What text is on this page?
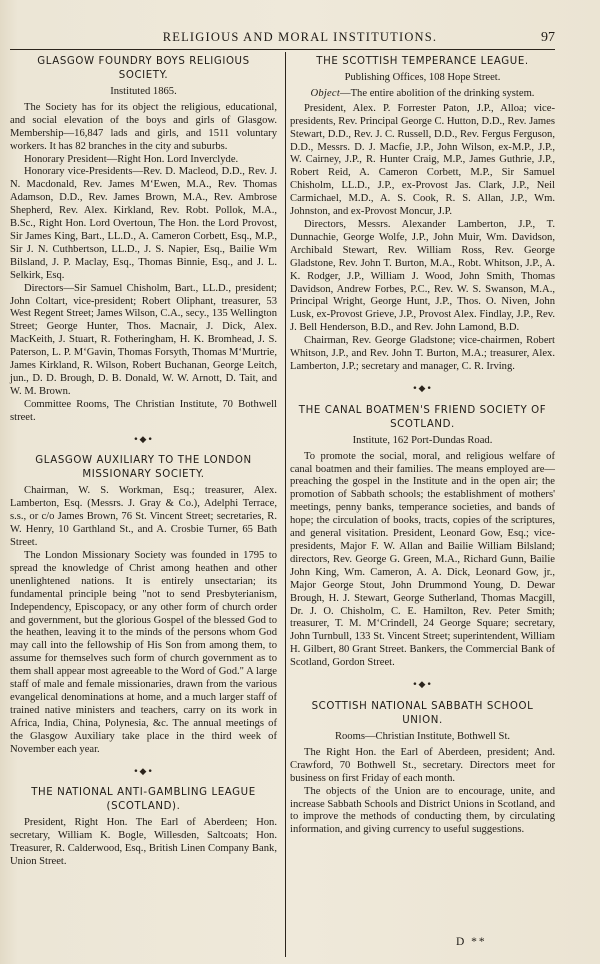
RELIGIOUS AND MORAL INSTITUTIONS.	97
GLASGOW FOUNDRY BOYS RELIGIOUS SOCIETY.
Instituted 1865.

The Society has for its object the religious, educational, and social elevation of the boys and girls of Glasgow. Membership—16,847 lads and girls, and 1511 voluntary workers. It has 82 branches in the city and suburbs.

Honorary President—Right Hon. Lord Inverclyde.

Honorary vice-Presidents—Rev. D. Macleod, D.D., Rev. J. N. Macdonald, Rev. James M‘Ewen, M.A., Rev. Thomas Adamson, D.D., Rev. James Brown, M.A., Rev. Ambrose Shepherd, Rev. Alex. Kirkland, Rev. Robt. Pollok, M.A., B.Sc., Right Hon. Lord Overtoun, The Hon. the Lord Provost, Sir James King, Bart., LL.D., A. Cameron Corbett, Esq., M.P., Sir J. N. Cuthbertson, LL.D., J. S. Napier, Esq., Bailie Wm Bilsland, J. P. Maclay, Esq., Thomas Binnie, Esq., and J. L. Selkirk, Esq.

Directors—Sir Samuel Chisholm, Bart., LL.D., president; John Coltart, vice-president; Robert Oliphant, treasurer, 53 West Regent Street; James Wilson, C.A., secy., 135 Wellington Street; George Hunter, Thos. Macnair, J. Dick, Alex. MacKeith, J. Stuart, R. Fotheringham, H. K. Bromhead, J. S. Paterson, L. P. M‘Gavin, Thomas Forsyth, Thomas M‘Murtrie, James Kirkland, R. Wilson, Robert Buchanan, George Leitch, jun., D. D. Brough, D. B. Donald, W. W. Arnott, D. Tait, and W. M. Brown.

Committee Rooms, The Christian Institute, 70 Bothwell street.

•◆•
GLASGOW AUXILIARY TO THE LONDON MISSIONARY SOCIETY.

Chairman, W. S. Workman, Esq.; treasurer, Alex. Lamberton, Esq. (Messrs. J. Gray & Co.), Adelphi Terrace, s.s., or c/o James Brown, 76 St. Vincent Street; secretaries, R. W. Henry, 10 Garthland St., and A. Crosbie Turner, 65 Bath Street.

The London Missionary Society was founded in 1795 to spread the knowledge of Christ among heathen and other unenlightened nations. It is entirely unsectarian; its fundamental principle being "not to send Presbyterianism, Independency, Episcopacy, or any other form of church order and government, but the glorious Gospel of the blessed God to the heathen, leaving it to the minds of the persons whom God may call into the fellowship of His Son from among them, to assume for themselves such form of church government as to them shall appear most agreeable to the Word of God." A large staff of male and female missionaries, drawn from the various evangelical denominations at home, and a much larger staff of trained native ministers and teachers, carry on its work in Africa, India, China, Polynesia, &c. The annual meetings of the Glasgow Auxiliary take place in the third week of November each year.

•◆•
THE NATIONAL ANTI-GAMBLING LEAGUE (SCOTLAND).

President, Right Hon. The Earl of Aberdeen; Hon. secretary, William K. Bogle, Willesden, Saltcoats; Hon. Treasurer, R. Calderwood, Esq., British Linen Company Bank, Union Street.

THE SCOTTISH TEMPERANCE LEAGUE.
Publishing Offices, 108 Hope Street.
Object—The entire abolition of the drinking system.

President, Alex. P. Forrester Paton, J.P., Alloa; vice-presidents, Rev. Principal George C. Hutton, D.D., Rev. James Stewart, D.D., Rev. J. C. Russell, D.D., Rev. Fergus Ferguson, D.D., Messrs. D. J. Macfie, J.P., John Wilson, ex-M.P., J.P., W. Cairney, J.P., R. Hunter Craig, M.P., James Guthrie, J.P., Robert Reid, A. Cameron Corbett, M.P., Sir Samuel Chisholm, LL.D., J.P., ex-Provost Jas. Clark, J.P., Neil Carmichael, M.D., A. S. Cook, R. S. Allan, J.P., Wm. Johnston, and ex-Provost Moncur, J.P.

Directors, Messrs. Alexander Lamberton, J.P., T. Dunnachie, George Wolfe, J.P., John Muir, Wm. Davidson, Archibald Stewart, Rev. William Ross, Rev. George Gladstone, Rev. John T. Burton, M.A., Robt. Whitson, J.P., A. K. Rodger, J.P., William J. Wood, John Smith, Thomas Davidson, Andrew Forbes, P.C., Rev. W. S. Swanson, M.A., Principal Wright, George Hunt, J.P., Thos. O. Niven, John Lusk, ex-Provost Grieve, J.P., Provost Alex. Findlay, J.P., Rev. J. Bell Henderson, B.D., and Rev. John Lamond, B.D.

Chairman, Rev. George Gladstone; vice-chairmen, Robert Whitson, J.P., and Rev. John T. Burton, M.A.; treasurer, Alex. Lamberton, J.P.; secretary and manager, C. R. Irving.

•◆•
THE CANAL BOATMEN'S FRIEND SOCIETY OF SCOTLAND.
Institute, 162 Port-Dundas Road.

To promote the social, moral, and religious welfare of canal boatmen and their families. The means employed are—preaching the gospel in the Institute and in the open air; the promotion of Sabbath schools; the establishment of mothers' meetings, penny banks, temperance societies, and bands of hope; the circulation of books, tracts, copies of the scriptures, and general visitation. President, Leonard Gow, Esq.; vice-presidents, Major F. W. Allan and Bailie William Bilsland; directors, Rev. George G. Green, M.A., Richard Gunn, Bailie John King, Wm. Cameron, A. A. Dick, Leonard Gow, jr., Major George Stout, John Drummond Young, D. Dewar Brough, H. J. Stewart, George Sutherland, Thomas Macgill, Dr. J. O. Chisholm, C. E. Hamilton, Rev. Peter Smith; treasurer, T. M. M‘Crindell, 24 George Square; secretary, John Turnbull, 133 St. Vincent Street; superintendent, William H. Gilbert, 80 Grant Street. Bankers, the Commercial Bank of Scotland, Gordon Street.

•◆•
SCOTTISH NATIONAL SABBATH SCHOOL UNION.
Rooms—Christian Institute, Bothwell St.

The Right Hon. the Earl of Aberdeen, president; And. Crawford, 70 Bothwell St., secretary. Directors meet for business on first Friday of each month.

The objects of the Union are to encourage, unite, and increase Sabbath Schools and District Unions in Scotland, and to improve the methods of conducting them, by circulating information, and giving currency to useful suggestions.

D **
